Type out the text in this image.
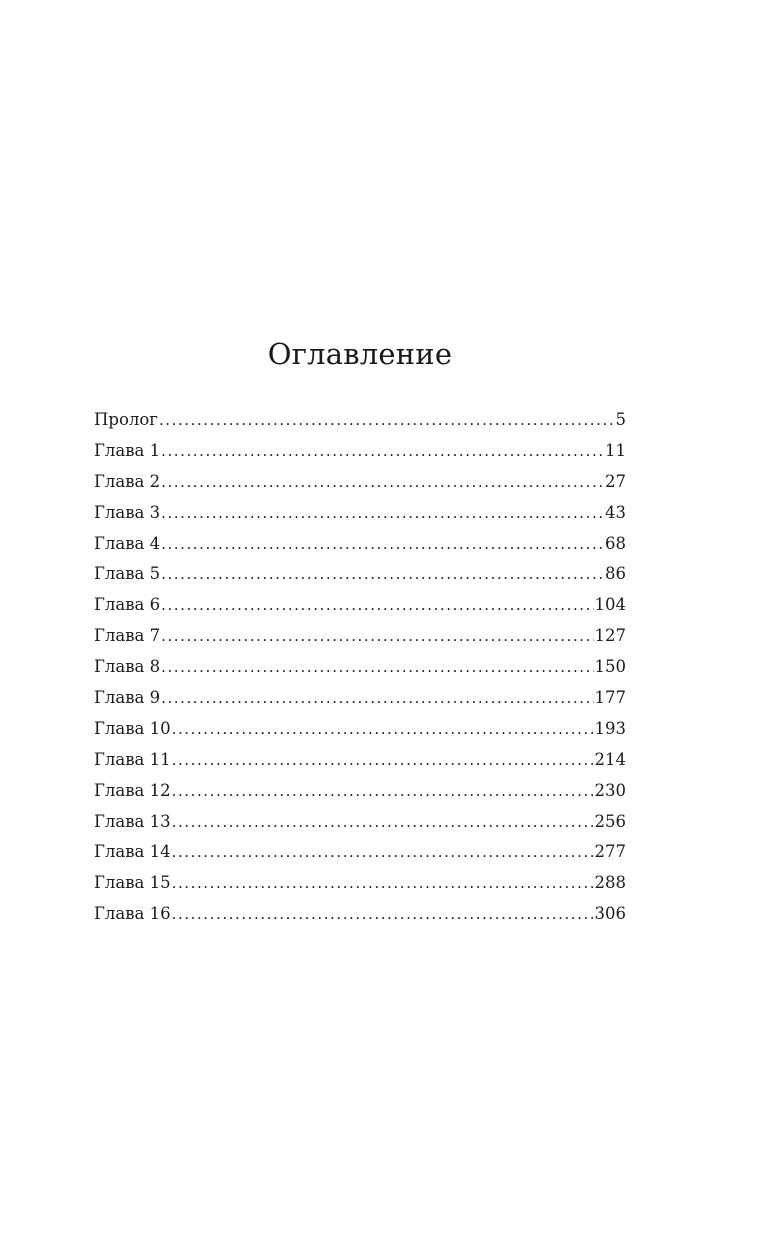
Оглавление
Пролог . . .	5
Глава 1 . . .	11
Глава 2 . . .	27
Глава 3 . . .	43
Глава 4 . . .	68
Глава 5 . . .	86
Глава 6 . . .	104
Глава 7 . . .	127
Глава 8 . . .	150
Глава 9 . . .	177
Глава 10 . . .	193
Глава 11 . . .	214
Глава 12 . . .	230
Глава 13 . . .	256
Глава 14 . . .	277
Глава 15 . . .	288
Глава 16 . . .	306
